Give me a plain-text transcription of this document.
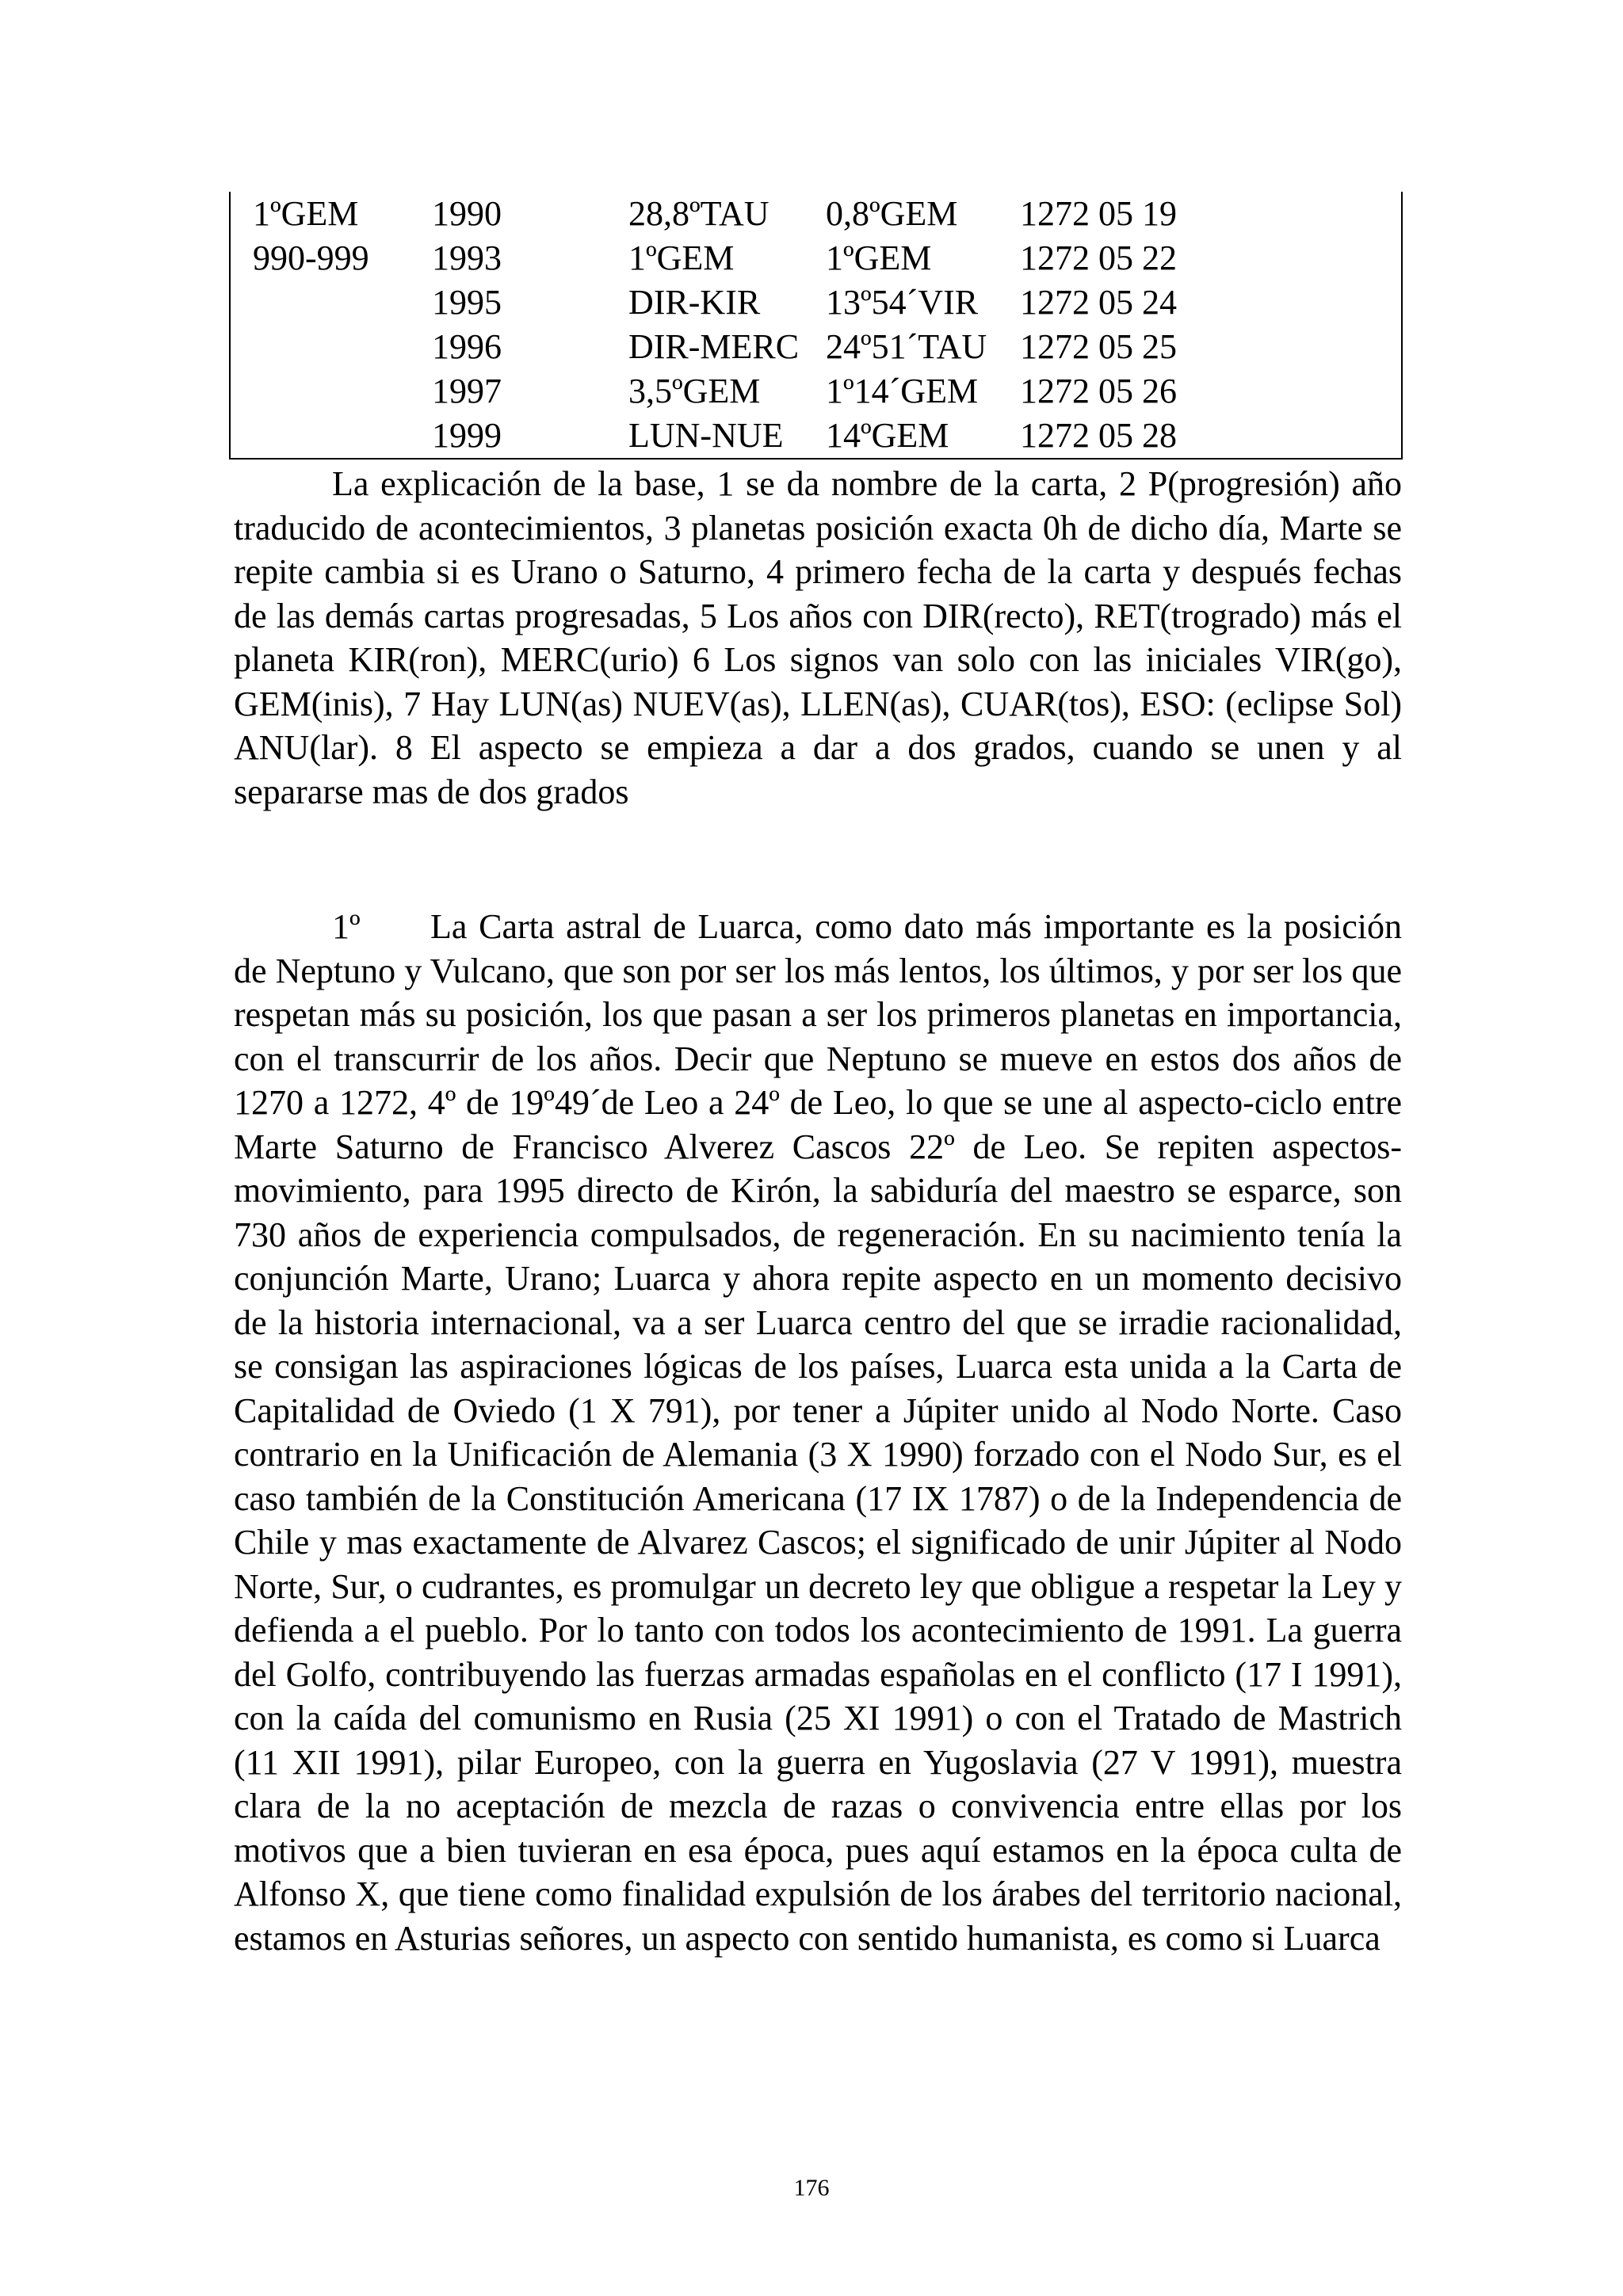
1ºGEM 1990	28,8ºTAU 0,8ºGEM 1272 05 19
990-999 1993	1ºGEM	1ºGEM	1272 05 22
1995	DIR-KIR 13º54´VIR 1272 05 24
1996	DIR-MERC 24º51´TAU 1272 05 25
1997	3,5ºGEM 1º14´GEM 1272 05 26
1999	LUN-NUE 14ºGEM 1272 05 28

La explicación de la base, 1 se da nombre de la carta, 2 P(progresión) año traducido de acontecimientos, 3 planetas posición exacta 0h de dicho día, Marte se repite cambia si es Urano o Saturno, 4 primero fecha de la carta y después fechas de las demás cartas progresadas, 5 Los años con DIR(recto), RET(trogrado) más el planeta KIR(ron), MERC(urio) 6 Los signos van solo con las iniciales VIR(go), GEM(inis), 7 Hay LUN(as) NUEV(as), LLEN(as), CUAR(tos), ESO: (eclipse Sol) ANU(lar). 8 El aspecto se empieza a dar a dos grados, cuando se unen y al separarse mas de dos grados

1º La Carta astral de Luarca, como dato más importante es la posición de Neptuno y Vulcano, que son por ser los más lentos, los últimos, y por ser los que respetan más su posición, los que pasan a ser los primeros planetas en importancia, con el transcurrir de los años. Decir que Neptuno se mueve en estos dos años de 1270 a 1272, 4º de 19º49´de Leo a 24º de Leo, lo que se une al aspecto-ciclo entre Marte Saturno de Francisco Alverez Cascos 22º de Leo. Se repiten aspectos-movimiento, para 1995 directo de Kirón, la sabiduría del maestro se esparce, son 730 años de experiencia compulsados, de regeneración. En su nacimiento tenía la conjunción Marte, Urano; Luarca y ahora repite aspecto en un momento decisivo de la historia internacional, va a ser Luarca centro del que se irradie racionalidad, se consigan las aspiraciones lógicas de los países, Luarca esta unida a la Carta de Capitalidad de Oviedo (1 X 791), por tener a Júpiter unido al Nodo Norte. Caso contrario en la Unificación de Alemania (3 X 1990) forzado con el Nodo Sur, es el caso también de la Constitución Americana (17 IX 1787) o de la Independencia de Chile y mas exactamente de Alvarez Cascos; el significado de unir Júpiter al Nodo Norte, Sur, o cudrantes, es promulgar un decreto ley que obligue a respetar la Ley y defienda a el pueblo. Por lo tanto con todos los acontecimiento de 1991. La guerra del Golfo, contribuyendo las fuerzas armadas españolas en el conflicto (17 I 1991), con la caída del comunismo en Rusia (25 XI 1991) o con el Tratado de Mastrich (11 XII 1991), pilar Europeo, con la guerra en Yugoslavia (27 V 1991), muestra clara de la no aceptación de mezcla de razas o convivencia entre ellas por los motivos que a bien tuvieran en esa época, pues aquí estamos en la época culta de Alfonso X, que tiene como finalidad expulsión de los árabes del territorio nacional, estamos en Asturias señores, un aspecto con sentido humanista, es como si Luarca

176
